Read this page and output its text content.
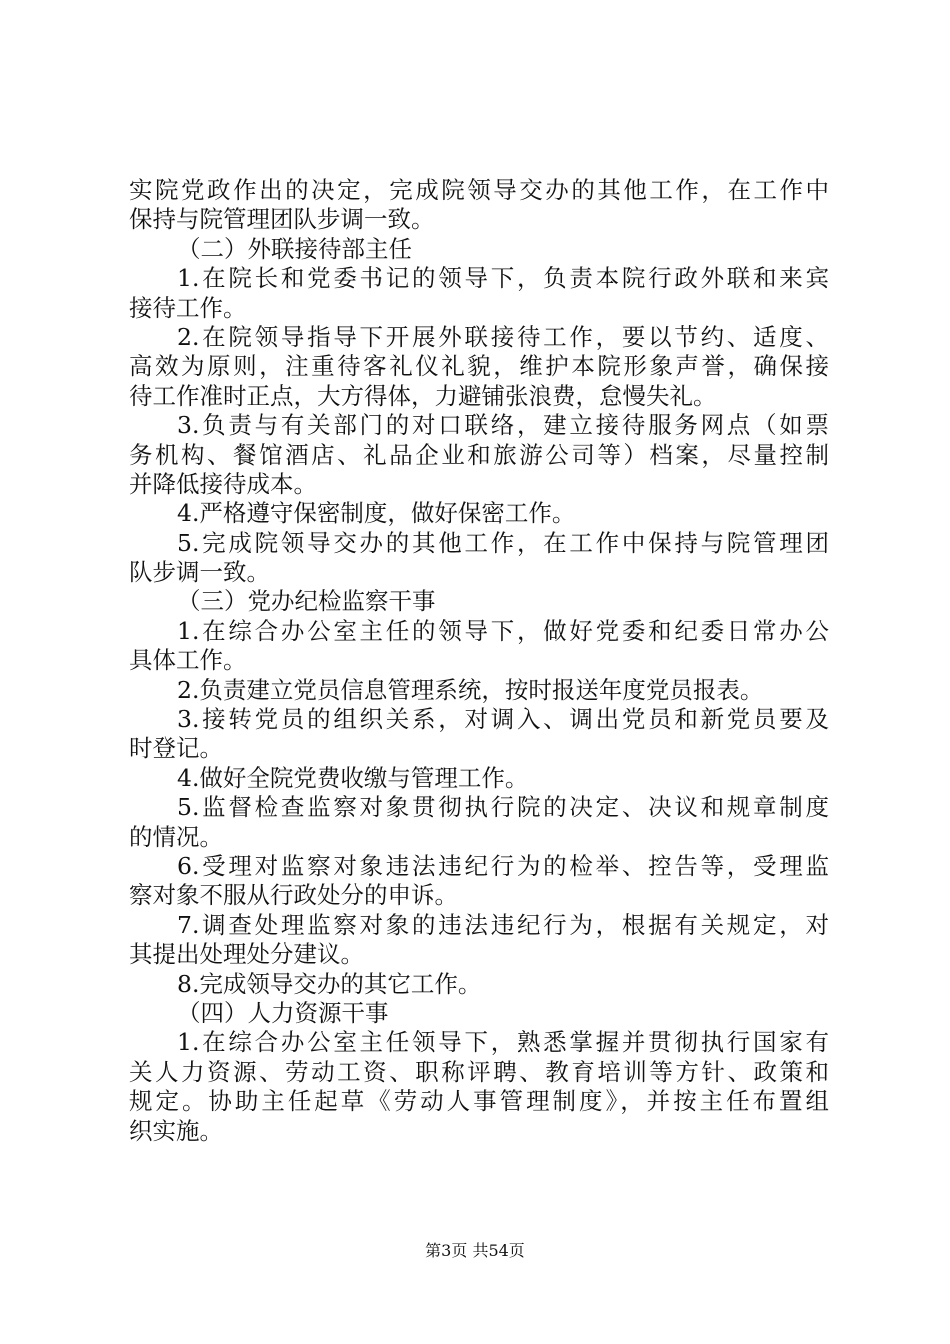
实院党政作出的决定，完成院领导交办的其他工作，在工作中
保持与院管理团队步调一致。
（二）外联接待部主任
1.在院长和党委书记的领导下，负责本院行政外联和来宾
接待工作。
2.在院领导指导下开展外联接待工作，要以节约、适度、
高效为原则，注重待客礼仪礼貌，维护本院形象声誉，确保接
待工作准时正点，大方得体，力避铺张浪费，怠慢失礼。
3.负责与有关部门的对口联络，建立接待服务网点（如票
务机构、餐馆酒店、礼品企业和旅游公司等）档案，尽量控制
并降低接待成本。
4.严格遵守保密制度，做好保密工作。
5.完成院领导交办的其他工作，在工作中保持与院管理团
队步调一致。
（三）党办纪检监察干事
1.在综合办公室主任的领导下，做好党委和纪委日常办公
具体工作。
2.负责建立党员信息管理系统，按时报送年度党员报表。
3.接转党员的组织关系，对调入、调出党员和新党员要及
时登记。
4.做好全院党费收缴与管理工作。
5.监督检查监察对象贯彻执行院的决定、决议和规章制度
的情况。
6.受理对监察对象违法违纪行为的检举、控告等，受理监
察对象不服从行政处分的申诉。
7.调查处理监察对象的违法违纪行为，根据有关规定，对
其提出处理处分建议。
8.完成领导交办的其它工作。
（四）人力资源干事
1.在综合办公室主任领导下，熟悉掌握并贯彻执行国家有
关人力资源、劳动工资、职称评聘、教育培训等方针、政策和
规定。协助主任起草《劳动人事管理制度》，并按主任布置组
织实施。
第3页 共54页
